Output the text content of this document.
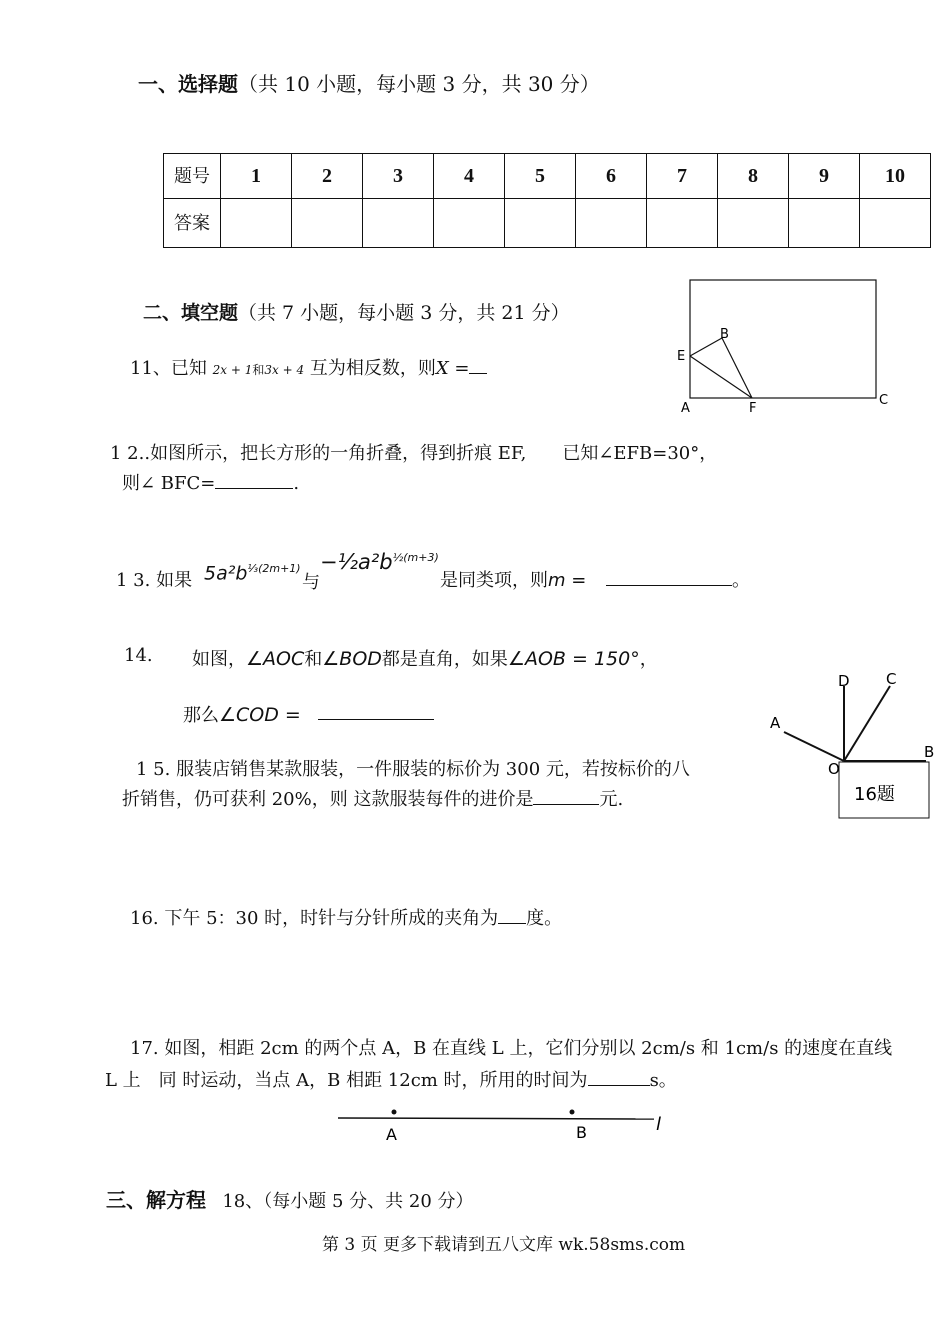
一、选择题（共 10 小题，每小题 3 分，共 30 分）
题号	1	2	3	4	5	6	7	8	9	10
答案										
二、填空题（共 7 小题，每小题 3 分，共 21 分）
B
E
A	F
C
11、已知 2x + 1和3x + 4 互为相反数，则X =
1 2..如图所示，把长方形的一角折叠，得到折痕 EF,　　已知∠EFB=30°，
则∠ BFC=	.
1 3. 如果 $5a^2b^{\frac{1}{3}(2m+1)}$
与
$-\frac{1}{2}a^2b^{\frac{1}{2}(m+3)}$
是同类项，则m =	。
14. 如图，∠AOC和∠BOD都是直角，如果∠AOB = 150°，
那么∠COD =
D C
A
O
B
16题
1 5. 服装店销售某款服装，一件服装的标价为 300 元，若按标价的八
折销售，仍可获利 20%，则 这款服装每件的进价是	元.
16. 下午 5：30 时，时针与分针所成的夹角为 度。
17. 如图，相距 2cm 的两个点 A，B 在直线 L 上，它们分别以 2cm/s 和 1cm/s 的速度在直线
L 上　同 时运动，当点 A，B 相距 12cm 时，所用的时间为	s。
A	B	l
三、解方程 18、（每小题 5 分、共 20 分）
第 3 页 更多下载请到五八文库 wk.58sms.com
